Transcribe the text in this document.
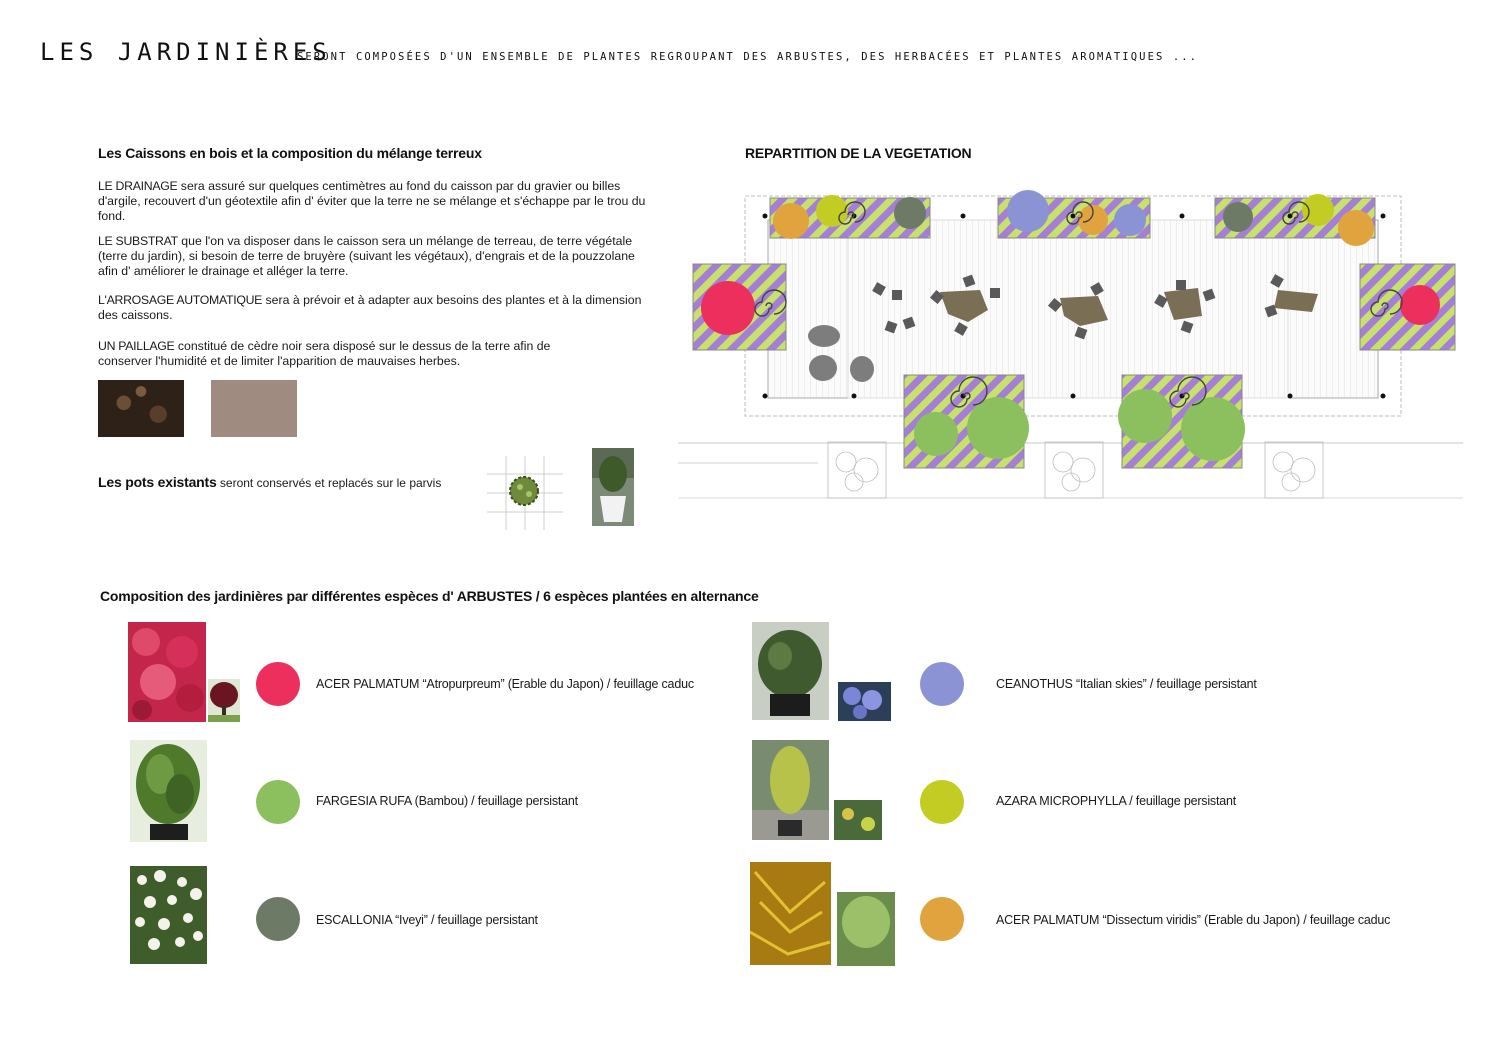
LES JARDINIÈRES
SERONT COMPOSÉES D'UN ENSEMBLE DE PLANTES REGROUPANT DES ARBUSTES, DES HERBACÉES ET PLANTES AROMATIQUES ...
Les Caissons en bois et la composition du mélange terreux
LE DRAINAGE sera assuré sur quelques centimètres au fond du caisson par du gravier ou billes d'argile, recouvert d'un géotextile afin d' éviter que la terre ne se mélange et s'échappe par le trou du fond.
LE SUBSTRAT que l'on va disposer dans le caisson sera un mélange de terreau, de terre végétale (terre du jardin), si besoin de terre de bruyère (suivant les végétaux), d'engrais et de la pouzzolane afin d' améliorer le drainage et alléger la terre.
L'ARROSAGE AUTOMATIQUE sera à prévoir et à adapter aux besoins des plantes et à la dimension des caissons.
UN PAILLAGE constitué de cèdre noir sera disposé sur le dessus de la terre afin de conserver l'humidité et de limiter l'apparition de mauvaises herbes.
Les pots existants seront conservés et replacés sur le parvis
REPARTITION DE LA VEGETATION
Composition des jardinières par différentes espèces d' ARBUSTES / 6 espèces plantées en alternance
ACER PALMATUM “Atropurpreum” (Erable du Japon) / feuillage caduc
FARGESIA RUFA (Bambou) / feuillage persistant
ESCALLONIA “Iveyi” / feuillage persistant
CEANOTHUS “Italian skies” / feuillage persistant
AZARA MICROPHYLLA / feuillage persistant
ACER PALMATUM “Dissectum viridis” (Erable du Japon) / feuillage caduc
